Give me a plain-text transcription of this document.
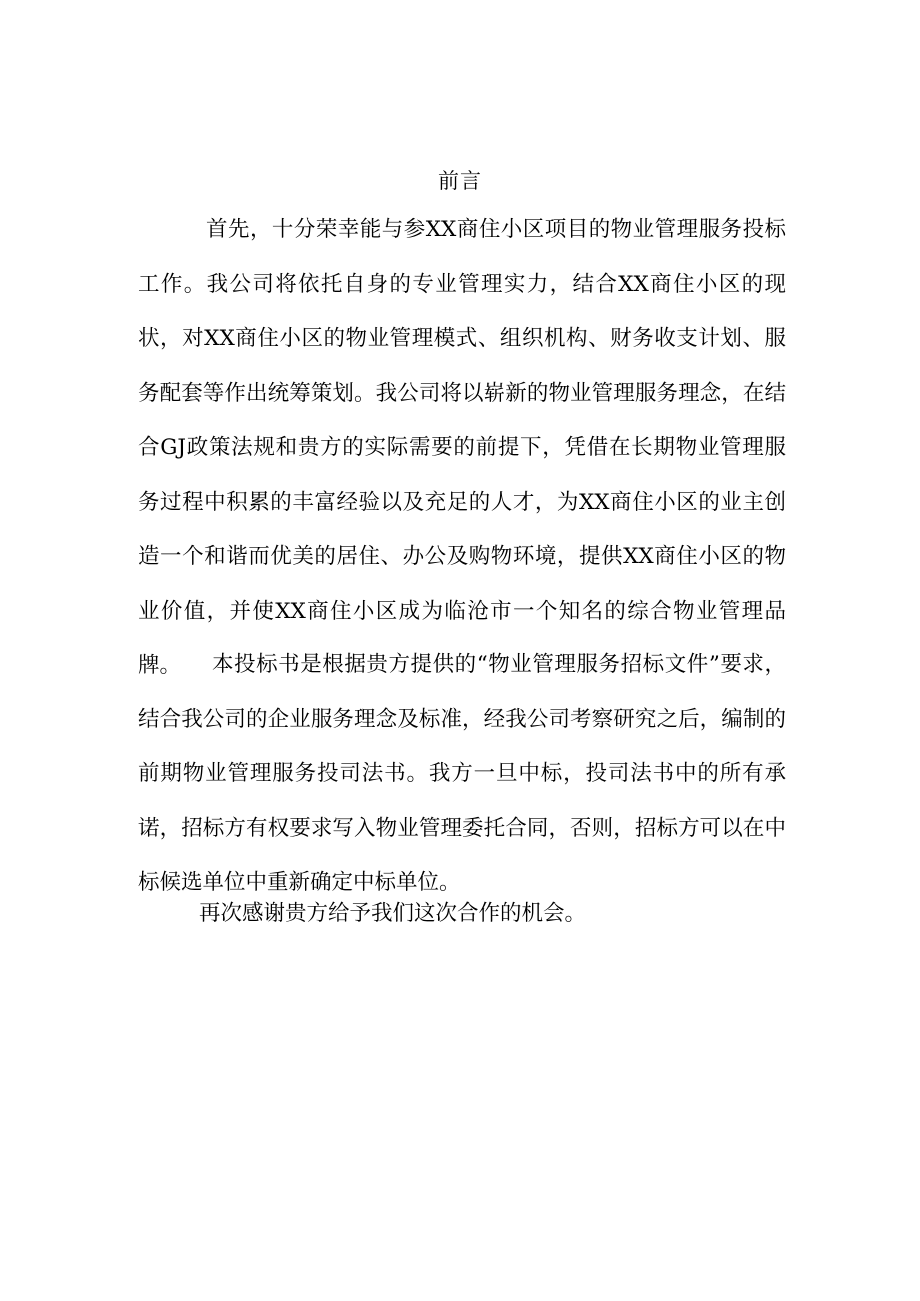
前言

首先，十分荣幸能与参XX商住小区项目的物业管理服务投标工作。我公司将依托自身的专业管理实力，结合XX商住小区的现状，对XX商住小区的物业管理模式、组织机构、财务收支计划、服务配套等作出统筹策划。我公司将以崭新的物业管理服务理念，在结合GJ政策法规和贵方的实际需要的前提下，凭借在长期物业管理服务过程中积累的丰富经验以及充足的人才，为XX商住小区的业主创造一个和谐而优美的居住、办公及购物环境，提供XX商住小区的物业价值，并使XX商住小区成为临沧市一个知名的综合物业管理品牌。	本投标书是根据贵方提供的“物业管理服务招标文件”要求，结合我公司的企业服务理念及标准，经我公司考察研究之后，编制的前期物业管理服务投司法书。我方一旦中标，投司法书中的所有承诺，招标方有权要求写入物业管理委托合同，否则，招标方可以在中标候选单位中重新确定中标单位。

再次感谢贵方给予我们这次合作的机会。
